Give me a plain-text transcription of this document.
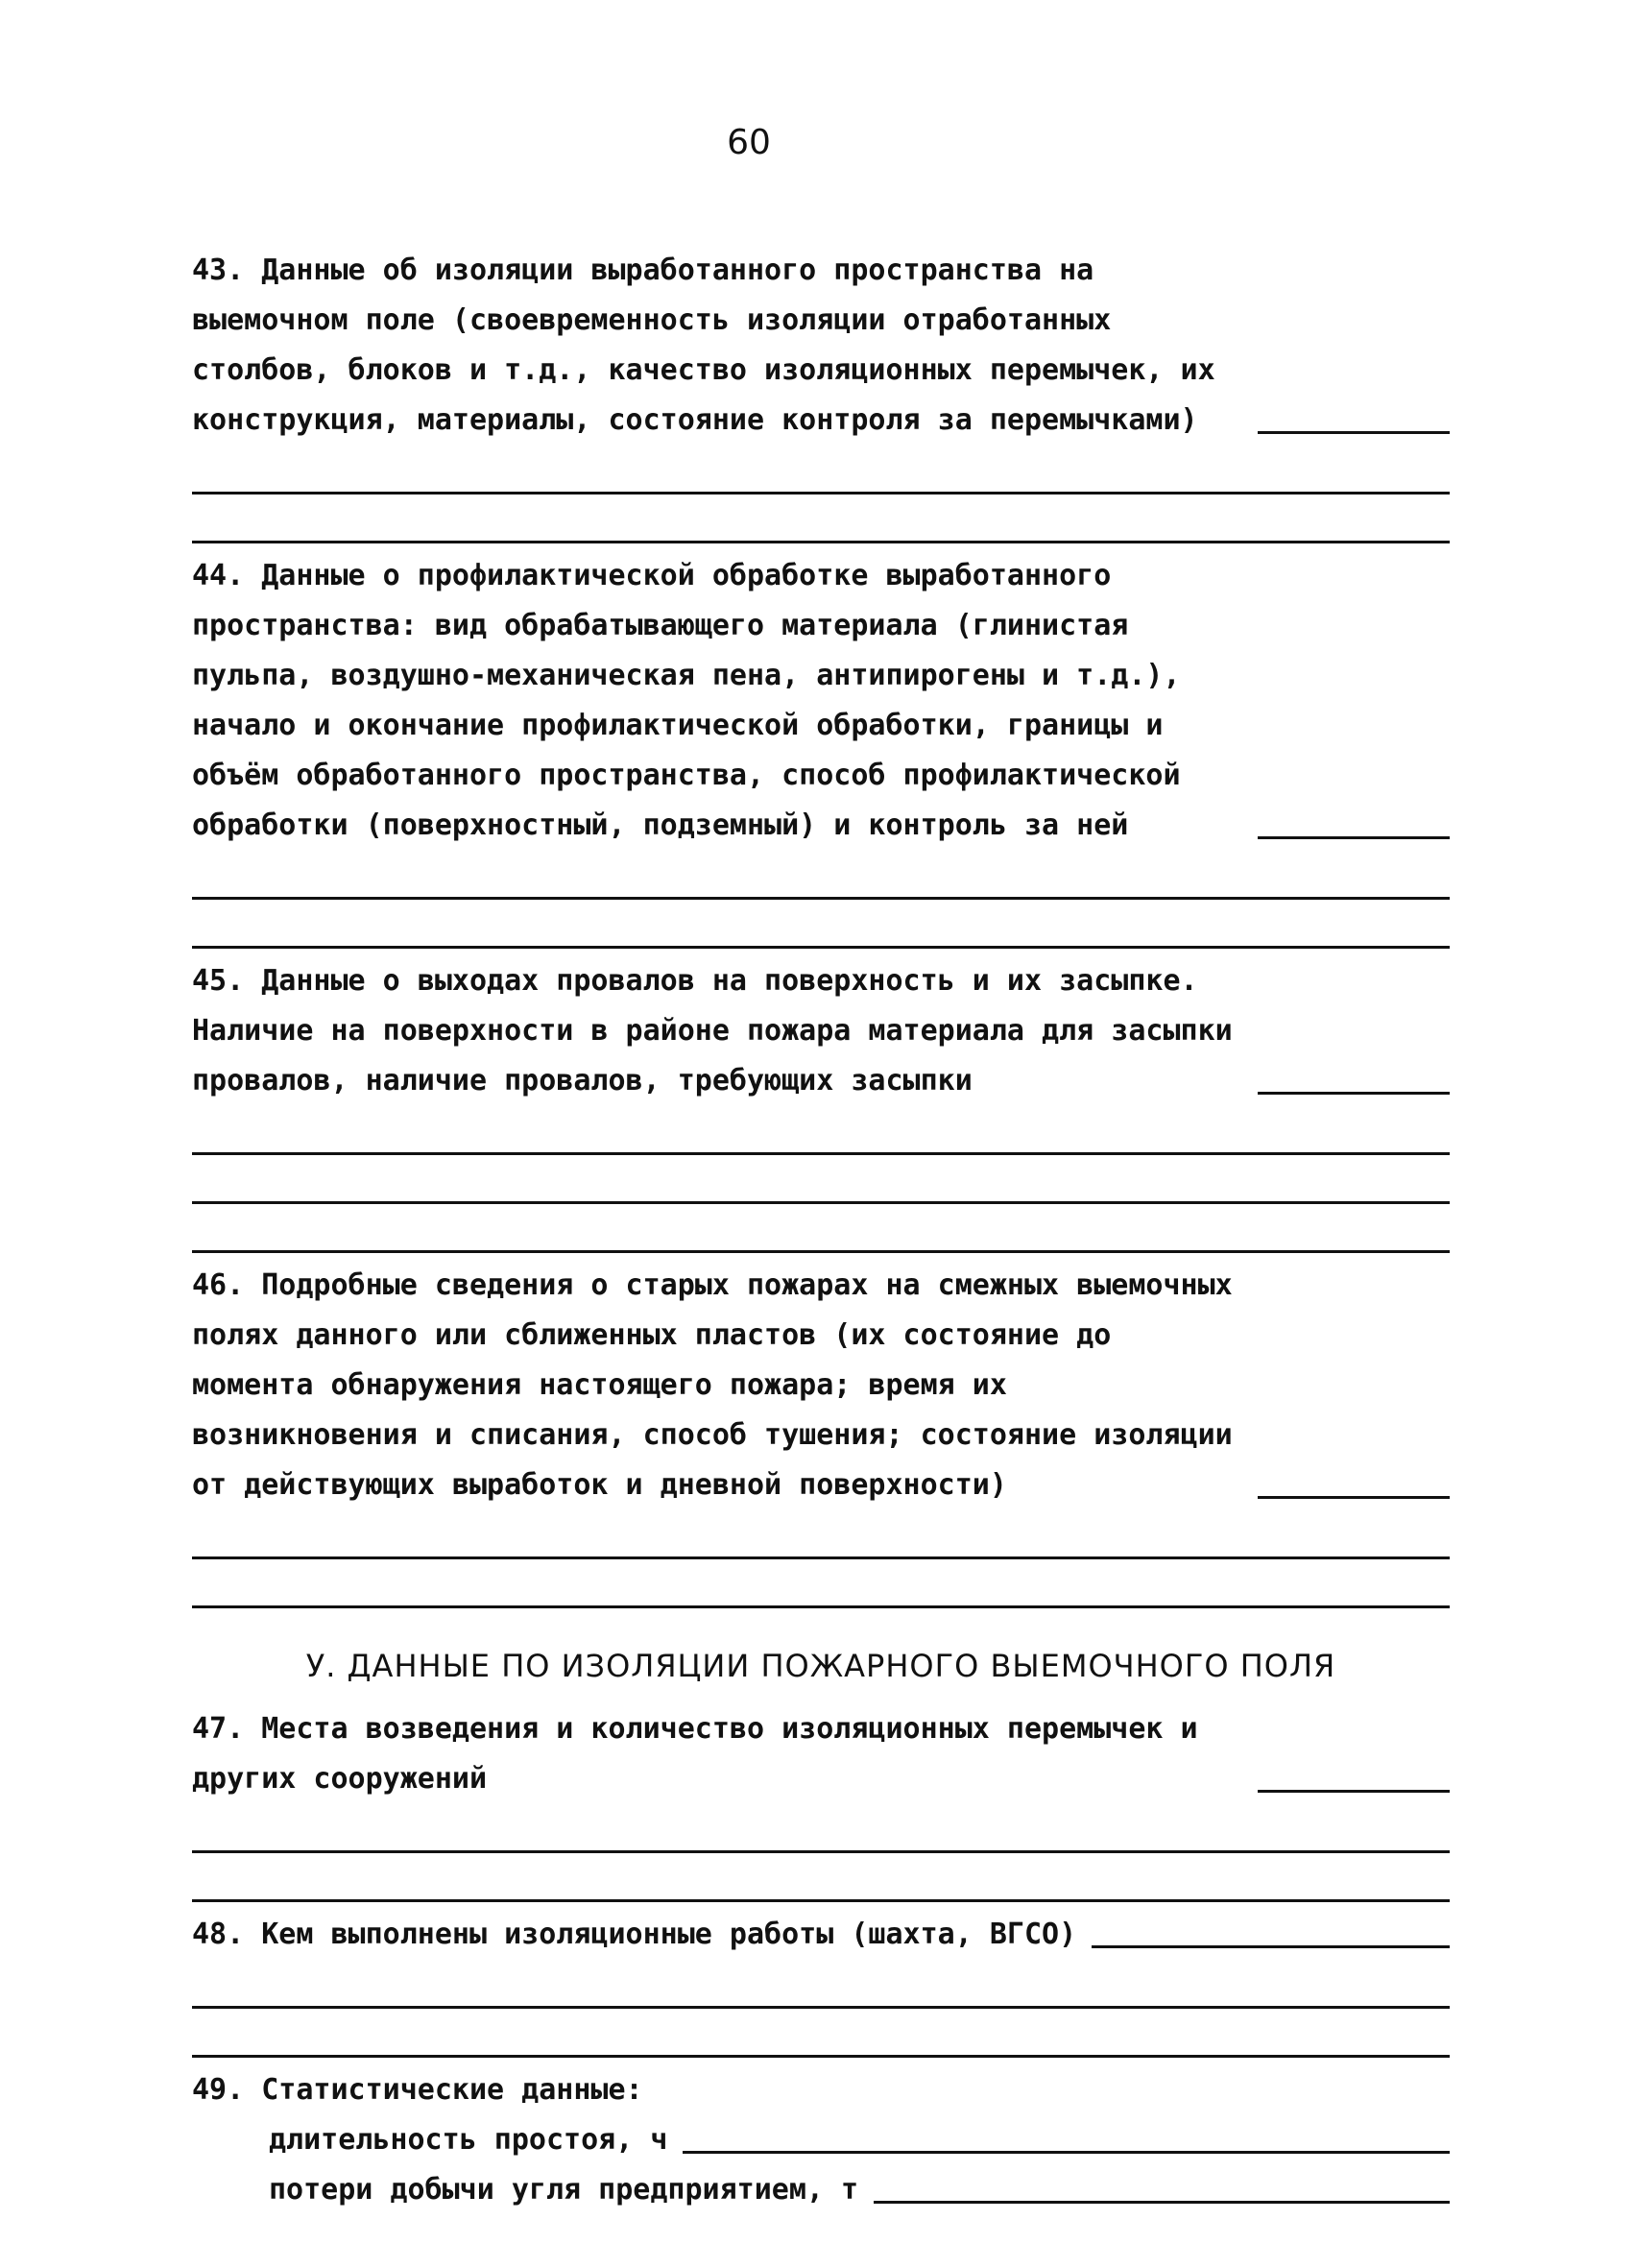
60
43. Данные об изоляции выработанного пространства на выемочном поле (своевременность изоляции отработанных столбов, блоков и т.д., качество изоляционных перемычек, их конструкция, материалы, состояние контроля за перемычками)
44. Данные о профилактической обработке выработанного пространства: вид обрабатывающего материала (глинистая пульпа, воздушно-механическая пена, антипирогены и т.д.), начало и окончание профилактической обработки, границы и объём обработанного пространства, способ профилактической обработки (поверхностный, подземный) и контроль за ней
45. Данные о выходах провалов на поверхность и их засыпке. Наличие на поверхности в районе пожара материала для засыпки провалов, наличие провалов, требующих засыпки
46. Подробные сведения о старых пожарах на смежных выемочных полях данного или сближенных пластов (их состояние до момента обнаружения настоящего пожара; время их возникновения и списания, способ тушения; состояние изоляции от действующих выработок и дневной поверхности)
У. ДАННЫЕ ПО ИЗОЛЯЦИИ ПОЖАРНОГО ВЫЕМОЧНОГО ПОЛЯ
47. Места возведения и количество изоляционных перемычек и других сооружений
48. Кем выполнены изоляционные работы (шахта, ВГСО)
49. Статистические данные:
длительность простоя, ч
потери добычи угля предприятием, т
